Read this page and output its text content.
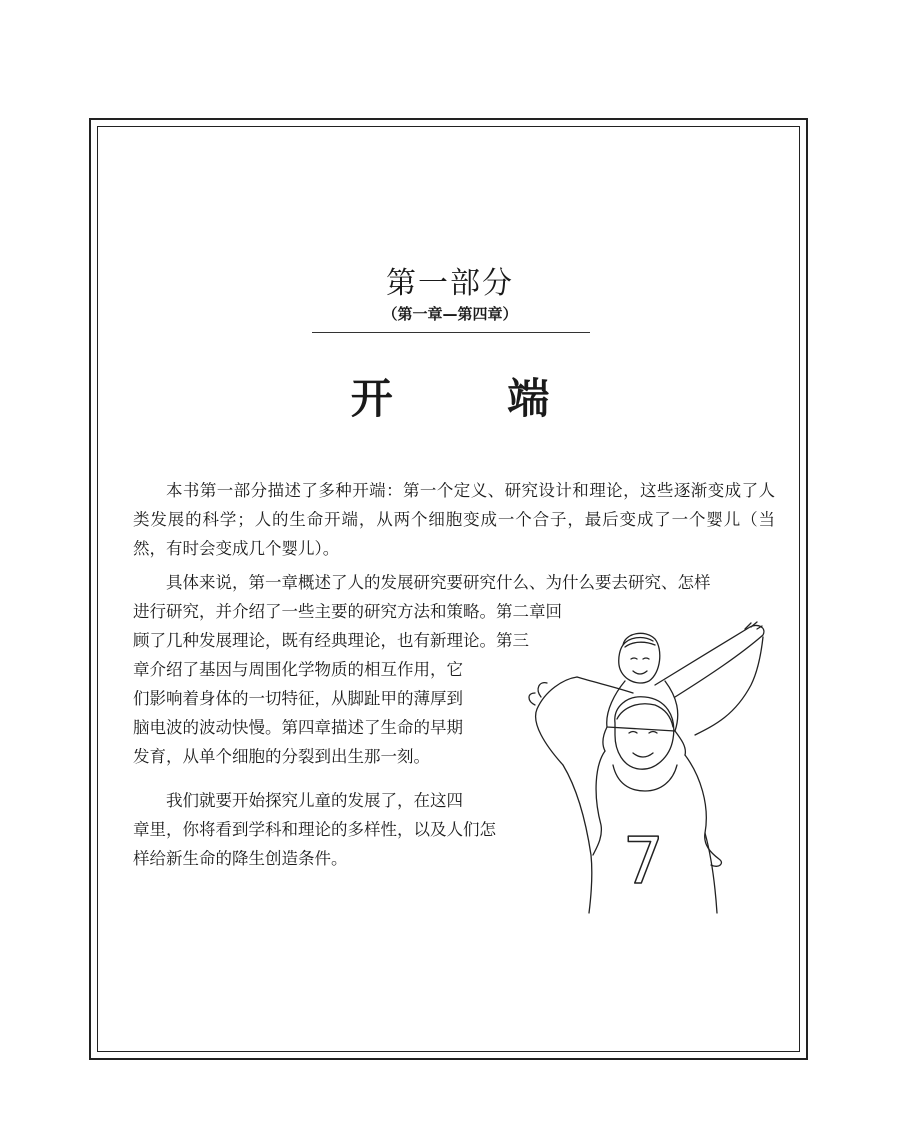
第一部分
（第一章—第四章）
开 端

本书第一部分描述了多种开端：第一个定义、研究设计和理论，这些逐渐变成了人类发展的科学；人的生命开端，从两个细胞变成一个合子，最后变成了一个婴儿（当然，有时会变成几个婴儿）。

具体来说，第一章概述了人的发展研究要研究什么、为什么要去研究、怎样
进行研究，并介绍了一些主要的研究方法和策略。第二章回
顾了几种发展理论，既有经典理论，也有新理论。第三
章介绍了基因与周围化学物质的相互作用，它
们影响着身体的一切特征，从脚趾甲的薄厚到
脑电波的波动快慢。第四章描述了生命的早期
发育，从单个细胞的分裂到出生那一刻。
我们就要开始探究儿童的发展了，在这四
章里，你将看到学科和理论的多样性，以及人们怎
样给新生命的降生创造条件。	7
